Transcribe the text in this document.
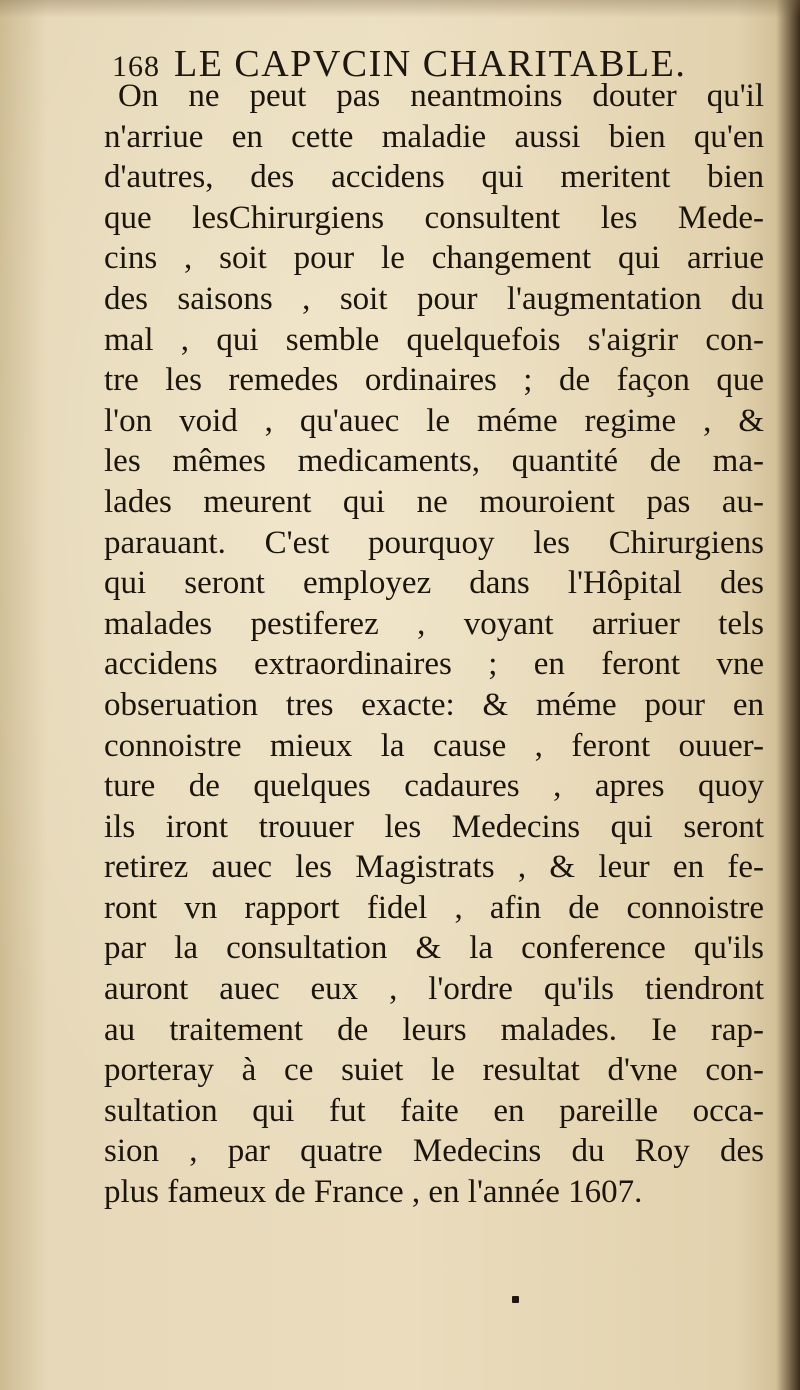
168 LE CAPVCIN CHARITABLE.
On ne peut pas neantmoins douter qu'il
n'arriue en cette maladie aussi bien qu'en
d'autres, des accidens qui meritent bien
que lesChirurgiens consultent les Mede-
cins , soit pour le changement qui arriue
des saisons , soit pour l'augmentation du
mal , qui semble quelquefois s'aigrir con-
tre les remedes ordinaires ; de façon que
l'on void , qu'auec le méme regime , &
les mêmes medicaments, quantité de ma-
lades meurent qui ne mouroient pas au-
parauant. C'est pourquoy les Chirurgiens
qui seront employez dans l'Hôpital des
malades pestiferez , voyant arriuer tels
accidens extraordinaires ; en feront vne
obseruation tres exacte: & méme pour en
connoistre mieux la cause , feront ouuer-
ture de quelques cadaures , apres quoy
ils iront trouuer les Medecins qui seront
retirez auec les Magistrats , & leur en fe-
ront vn rapport fidel , afin de connoistre
par la consultation & la conference qu'ils
auront auec eux , l'ordre qu'ils tiendront
au traitement de leurs malades. Ie rap-
porteray à ce suiet le resultat d'vne con-
sultation qui fut faite en pareille occa-
sion , par quatre Medecins du Roy des
plus fameux de France , en l'année 1607.
